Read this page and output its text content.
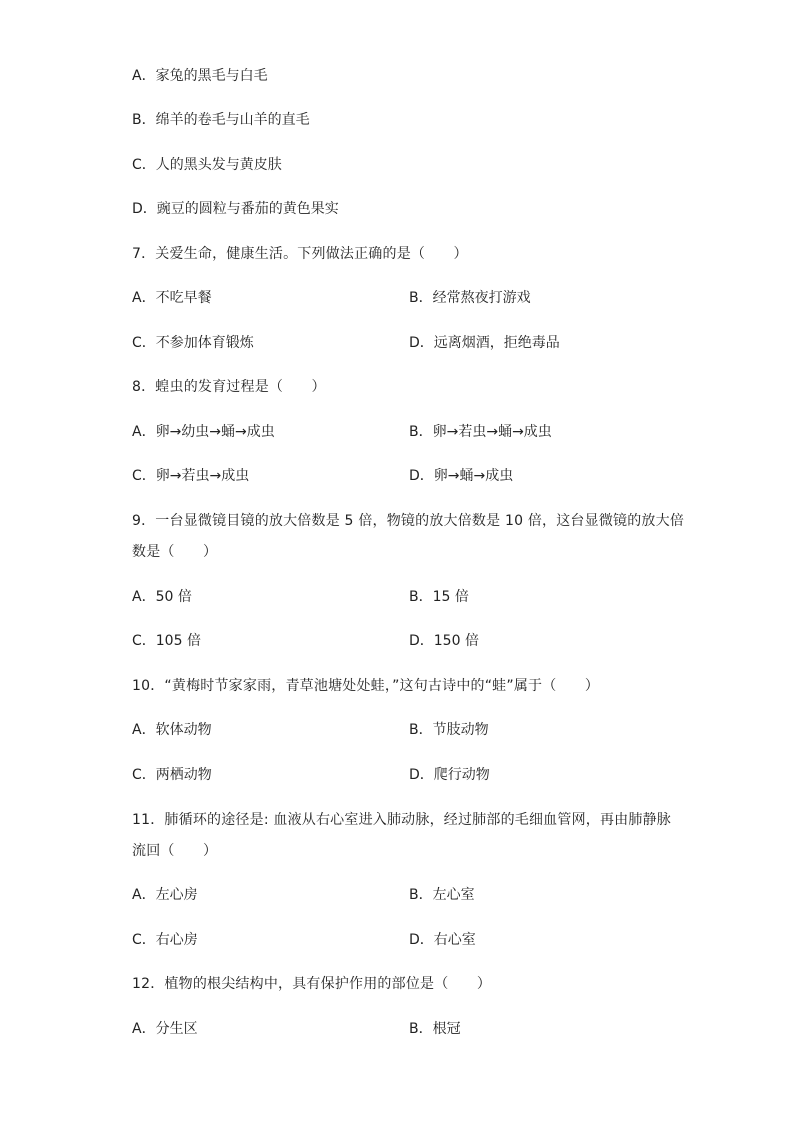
A．家兔的黑毛与白毛
B．绵羊的卷毛与山羊的直毛
C．人的黑头发与黄皮肤
D．豌豆的圆粒与番茄的黄色果实
7．关爱生命，健康生活。下列做法正确的是（　　）
A．不吃早餐	B．经常熬夜打游戏
C．不参加体育锻炼	D．远离烟酒，拒绝毒品
8．蝗虫的发育过程是（　　）
A．卵→幼虫→蛹→成虫	B．卵→若虫→蛹→成虫
C．卵→若虫→成虫	D．卵→蛹→成虫
9．一台显微镜目镜的放大倍数是 5 倍，物镜的放大倍数是 10 倍，这台显微镜的放大倍
数是（　　）
A．50 倍	B．15 倍
C．105 倍	D．150 倍
10．“黄梅时节家家雨，青草池塘处处蛙，”这句古诗中的“蛙”属于（　　）
A．软体动物	B．节肢动物
C．两栖动物	D．爬行动物
11．肺循环的途径是: 血液从右心室进入肺动脉，经过肺部的毛细血管网，再由肺静脉
流回（　　）
A．左心房	B．左心室
C．右心房	D．右心室
12．植物的根尖结构中，具有保护作用的部位是（　　）
A．分生区	B．根冠
